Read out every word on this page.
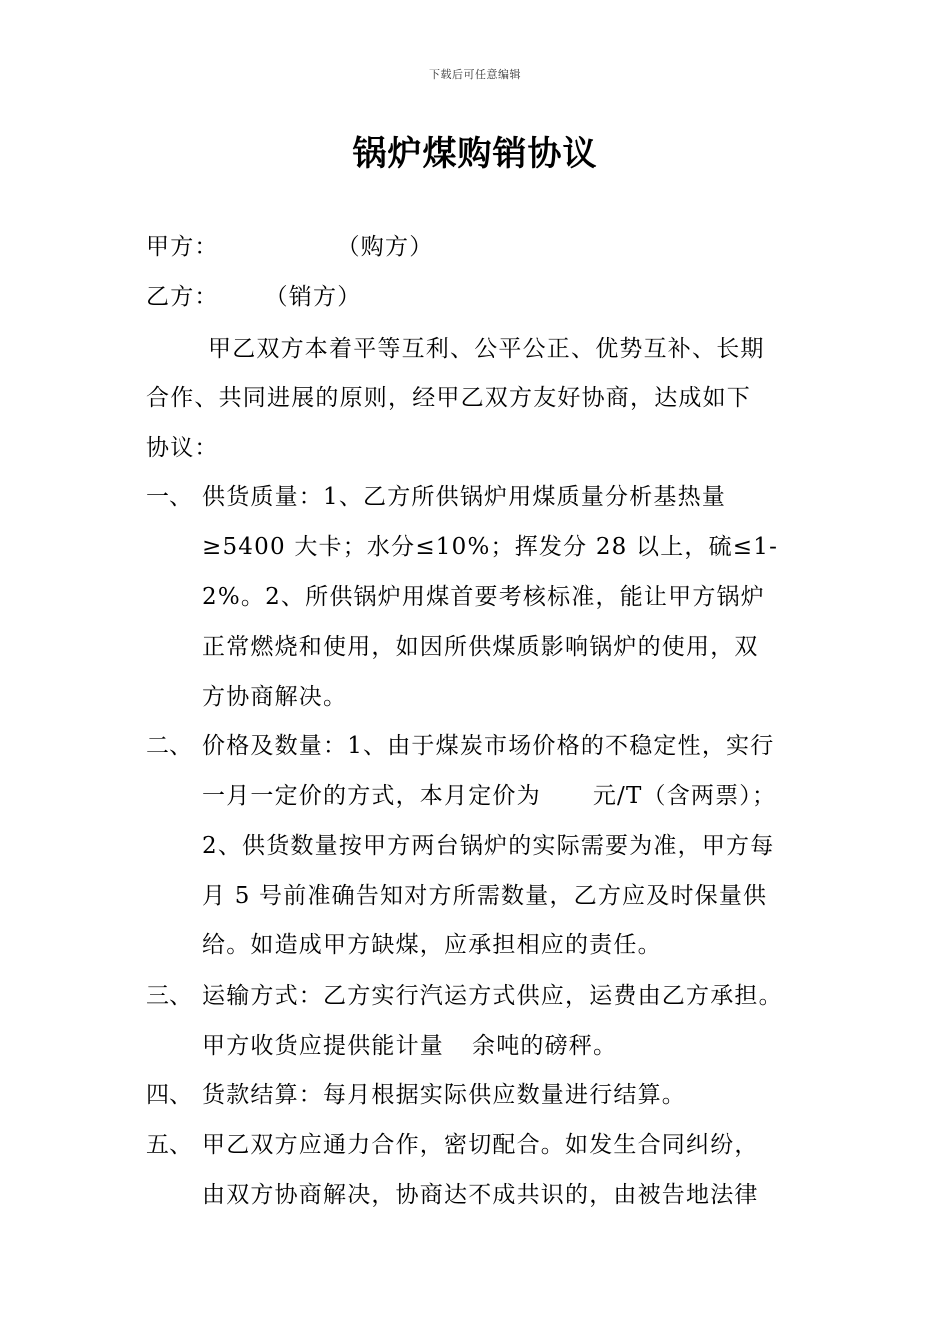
下载后可任意编辑
锅炉煤购销协议
甲方：	（购方）
乙方： （销方）
甲乙双方本着平等互利、公平公正、优势互补、长期
合作、共同进展的原则，经甲乙双方友好协商，达成如下
协议：
一、 供货质量：1、乙方所供锅炉用煤质量分析基热量
≥5400 大卡；水分≤10%；挥发分 28 以上，硫≤1-
2%。2、所供锅炉用煤首要考核标准，能让甲方锅炉
正常燃烧和使用，如因所供煤质影响锅炉的使用，双
方协商解决。
二、 价格及数量：1、由于煤炭市场价格的不稳定性，实行
一月一定价的方式，本月定价为 元/T（含两票）；
2、供货数量按甲方两台锅炉的实际需要为准，甲方每
月 5 号前准确告知对方所需数量，乙方应及时保量供
给。如造成甲方缺煤，应承担相应的责任。
三、 运输方式：乙方实行汽运方式供应，运费由乙方承担。
甲方收货应提供能计量 余吨的磅秤。
四、 货款结算：每月根据实际供应数量进行结算。
五、 甲乙双方应通力合作，密切配合。如发生合同纠纷，
由双方协商解决，协商达不成共识的，由被告地法律
